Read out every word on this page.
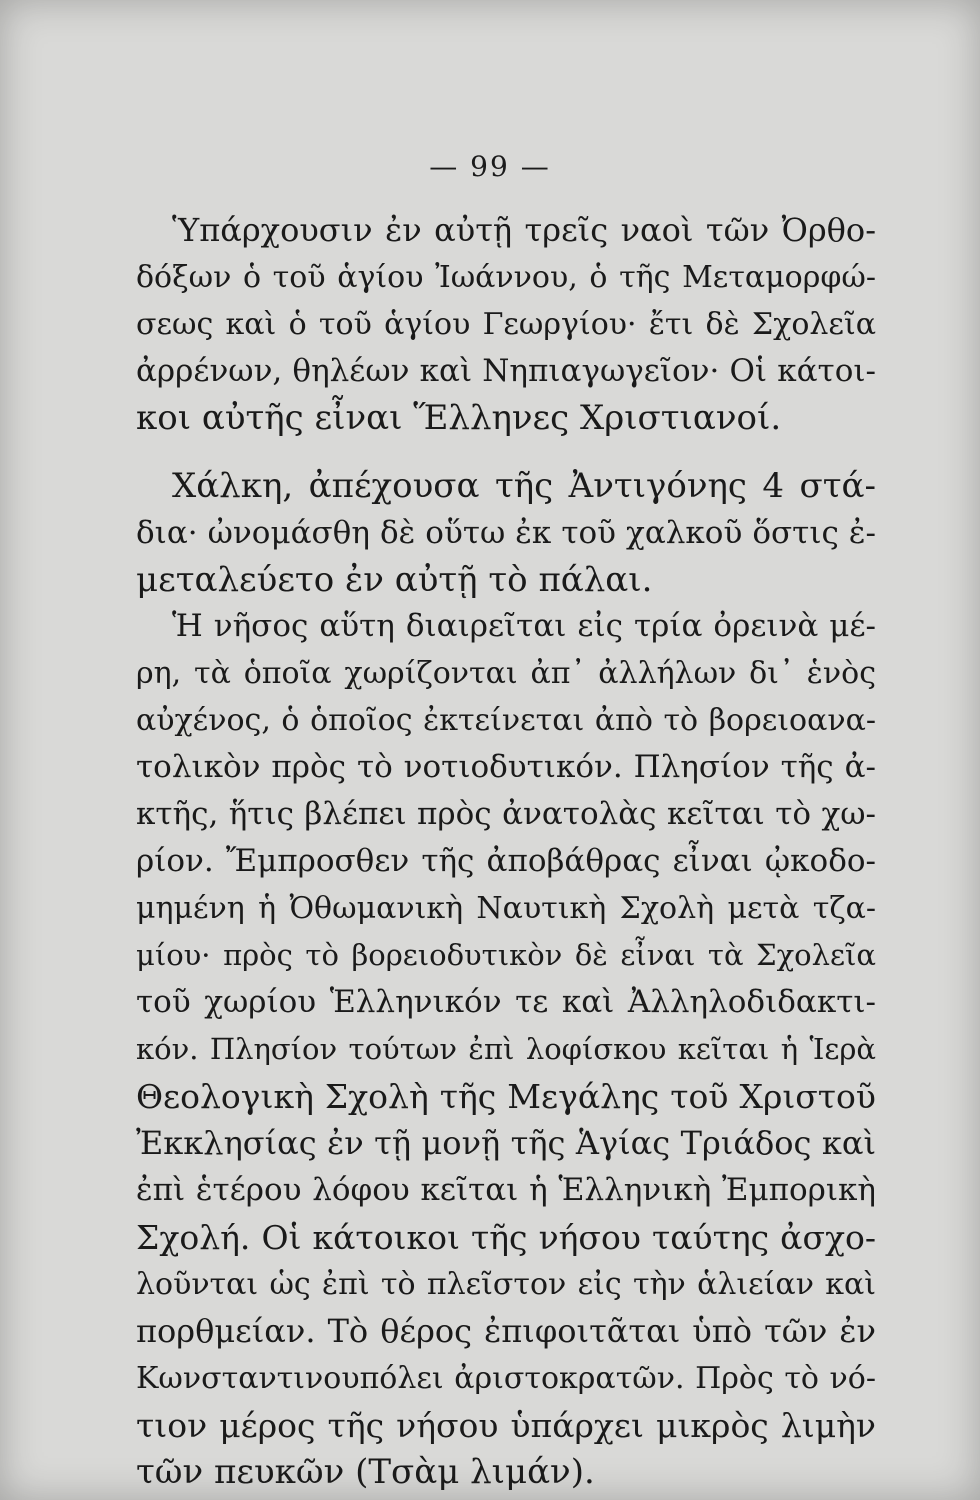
— 99 —
Ὑπάρχουσιν ἐν αὐτῇ τρεῖς ναοὶ τῶν Ὀρθο-
δόξων ὁ τοῦ ἁγίου Ἰωάννου, ὁ τῆς Μεταμορφώ-
σεως καὶ ὁ τοῦ ἁγίου Γεωργίου· ἔτι δὲ Σχολεῖα
ἀρρένων, θηλέων καὶ Νηπιαγωγεῖον· Οἱ κάτοι-
κοι αὐτῆς εἶναι Ἕλληνες Χριστιανοί.
Χάλκη, ἀπέχουσα τῆς Ἀντιγόνης 4 στά-
δια· ὠνομάσθη δὲ οὕτω ἐκ τοῦ χαλκοῦ ὅστις ἐ-
μεταλεύετο ἐν αὐτῇ τὸ πάλαι.
Ἡ νῆσος αὕτη διαιρεῖται εἰς τρία ὀρεινὰ μέ-
ρη, τὰ ὁποῖα χωρίζονται ἀπ᾿ ἀλλήλων δι᾿ ἑνὸς
αὐχένος, ὁ ὁποῖος ἐκτείνεται ἀπὸ τὸ βορειοανα-
τολικὸν πρὸς τὸ νοτιοδυτικόν. Πλησίον τῆς ἀ-
κτῆς, ἥτις βλέπει πρὸς ἀνατολὰς κεῖται τὸ χω-
ρίον. Ἔμπροσθεν τῆς ἀποβάθρας εἶναι ᾠκοδο-
μημένη ἡ Ὀθωμανικὴ Ναυτικὴ Σχολὴ μετὰ τζα-
μίου· πρὸς τὸ βορειοδυτικὸν δὲ εἶναι τὰ Σχολεῖα
τοῦ χωρίου Ἑλληνικόν τε καὶ Ἀλληλοδιδακτι-
κόν. Πλησίον τούτων ἐπὶ λοφίσκου κεῖται ἡ Ἱερὰ
Θεολογικὴ Σχολὴ τῆς Μεγάλης τοῦ Χριστοῦ
Ἐκκλησίας ἐν τῇ μονῇ τῆς Ἁγίας Τριάδος καὶ
ἐπὶ ἑτέρου λόφου κεῖται ἡ Ἑλληνικὴ Ἐμπορικὴ
Σχολή. Οἱ κάτοικοι τῆς νήσου ταύτης ἀσχο-
λοῦνται ὡς ἐπὶ τὸ πλεῖστον εἰς τὴν ἁλιείαν καὶ
πορθμείαν. Τὸ θέρος ἐπιφοιτᾶται ὑπὸ τῶν ἐν
Κωνσταντινουπόλει ἀριστοκρατῶν. Πρὸς τὸ νό-
τιον μέρος τῆς νήσου ὑπάρχει μικρὸς λιμὴν
τῶν πευκῶν (Τσὰμ λιμάν).
